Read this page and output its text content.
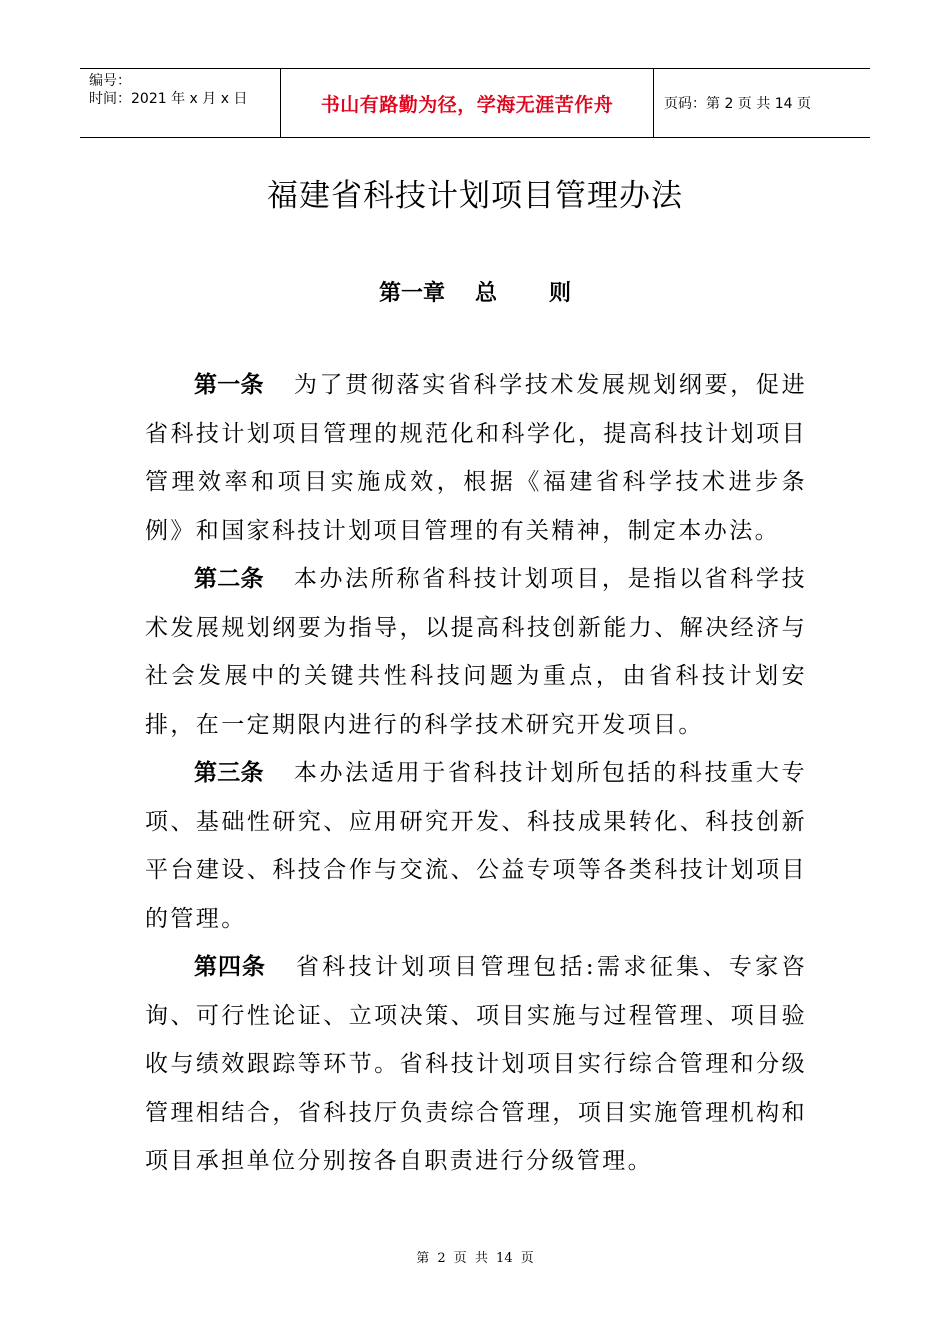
编号：
时间：2021 年 x 月 x 日	书山有路勤为径，学海无涯苦作舟	页码：第 2 页 共 14 页
福建省科技计划项目管理办法
第一章 总 则

第一条 为了贯彻落实省科学技术发展规划纲要，促进省科技计划项目管理的规范化和科学化，提高科技计划项目管理效率和项目实施成效，根据《福建省科学技术进步条例》和国家科技计划项目管理的有关精神，制定本办法。

第二条 本办法所称省科技计划项目，是指以省科学技术发展规划纲要为指导，以提高科技创新能力、解决经济与社会发展中的关键共性科技问题为重点，由省科技计划安排，在一定期限内进行的科学技术研究开发项目。

第三条 本办法适用于省科技计划所包括的科技重大专项、基础性研究、应用研究开发、科技成果转化、科技创新平台建设、科技合作与交流、公益专项等各类科技计划项目的管理。

第四条 省科技计划项目管理包括:需求征集、专家咨询、可行性论证、立项决策、项目实施与过程管理、项目验收与绩效跟踪等环节。省科技计划项目实行综合管理和分级管理相结合，省科技厅负责综合管理，项目实施管理机构和项目承担单位分别按各自职责进行分级管理。

第 2 页 共 14 页
